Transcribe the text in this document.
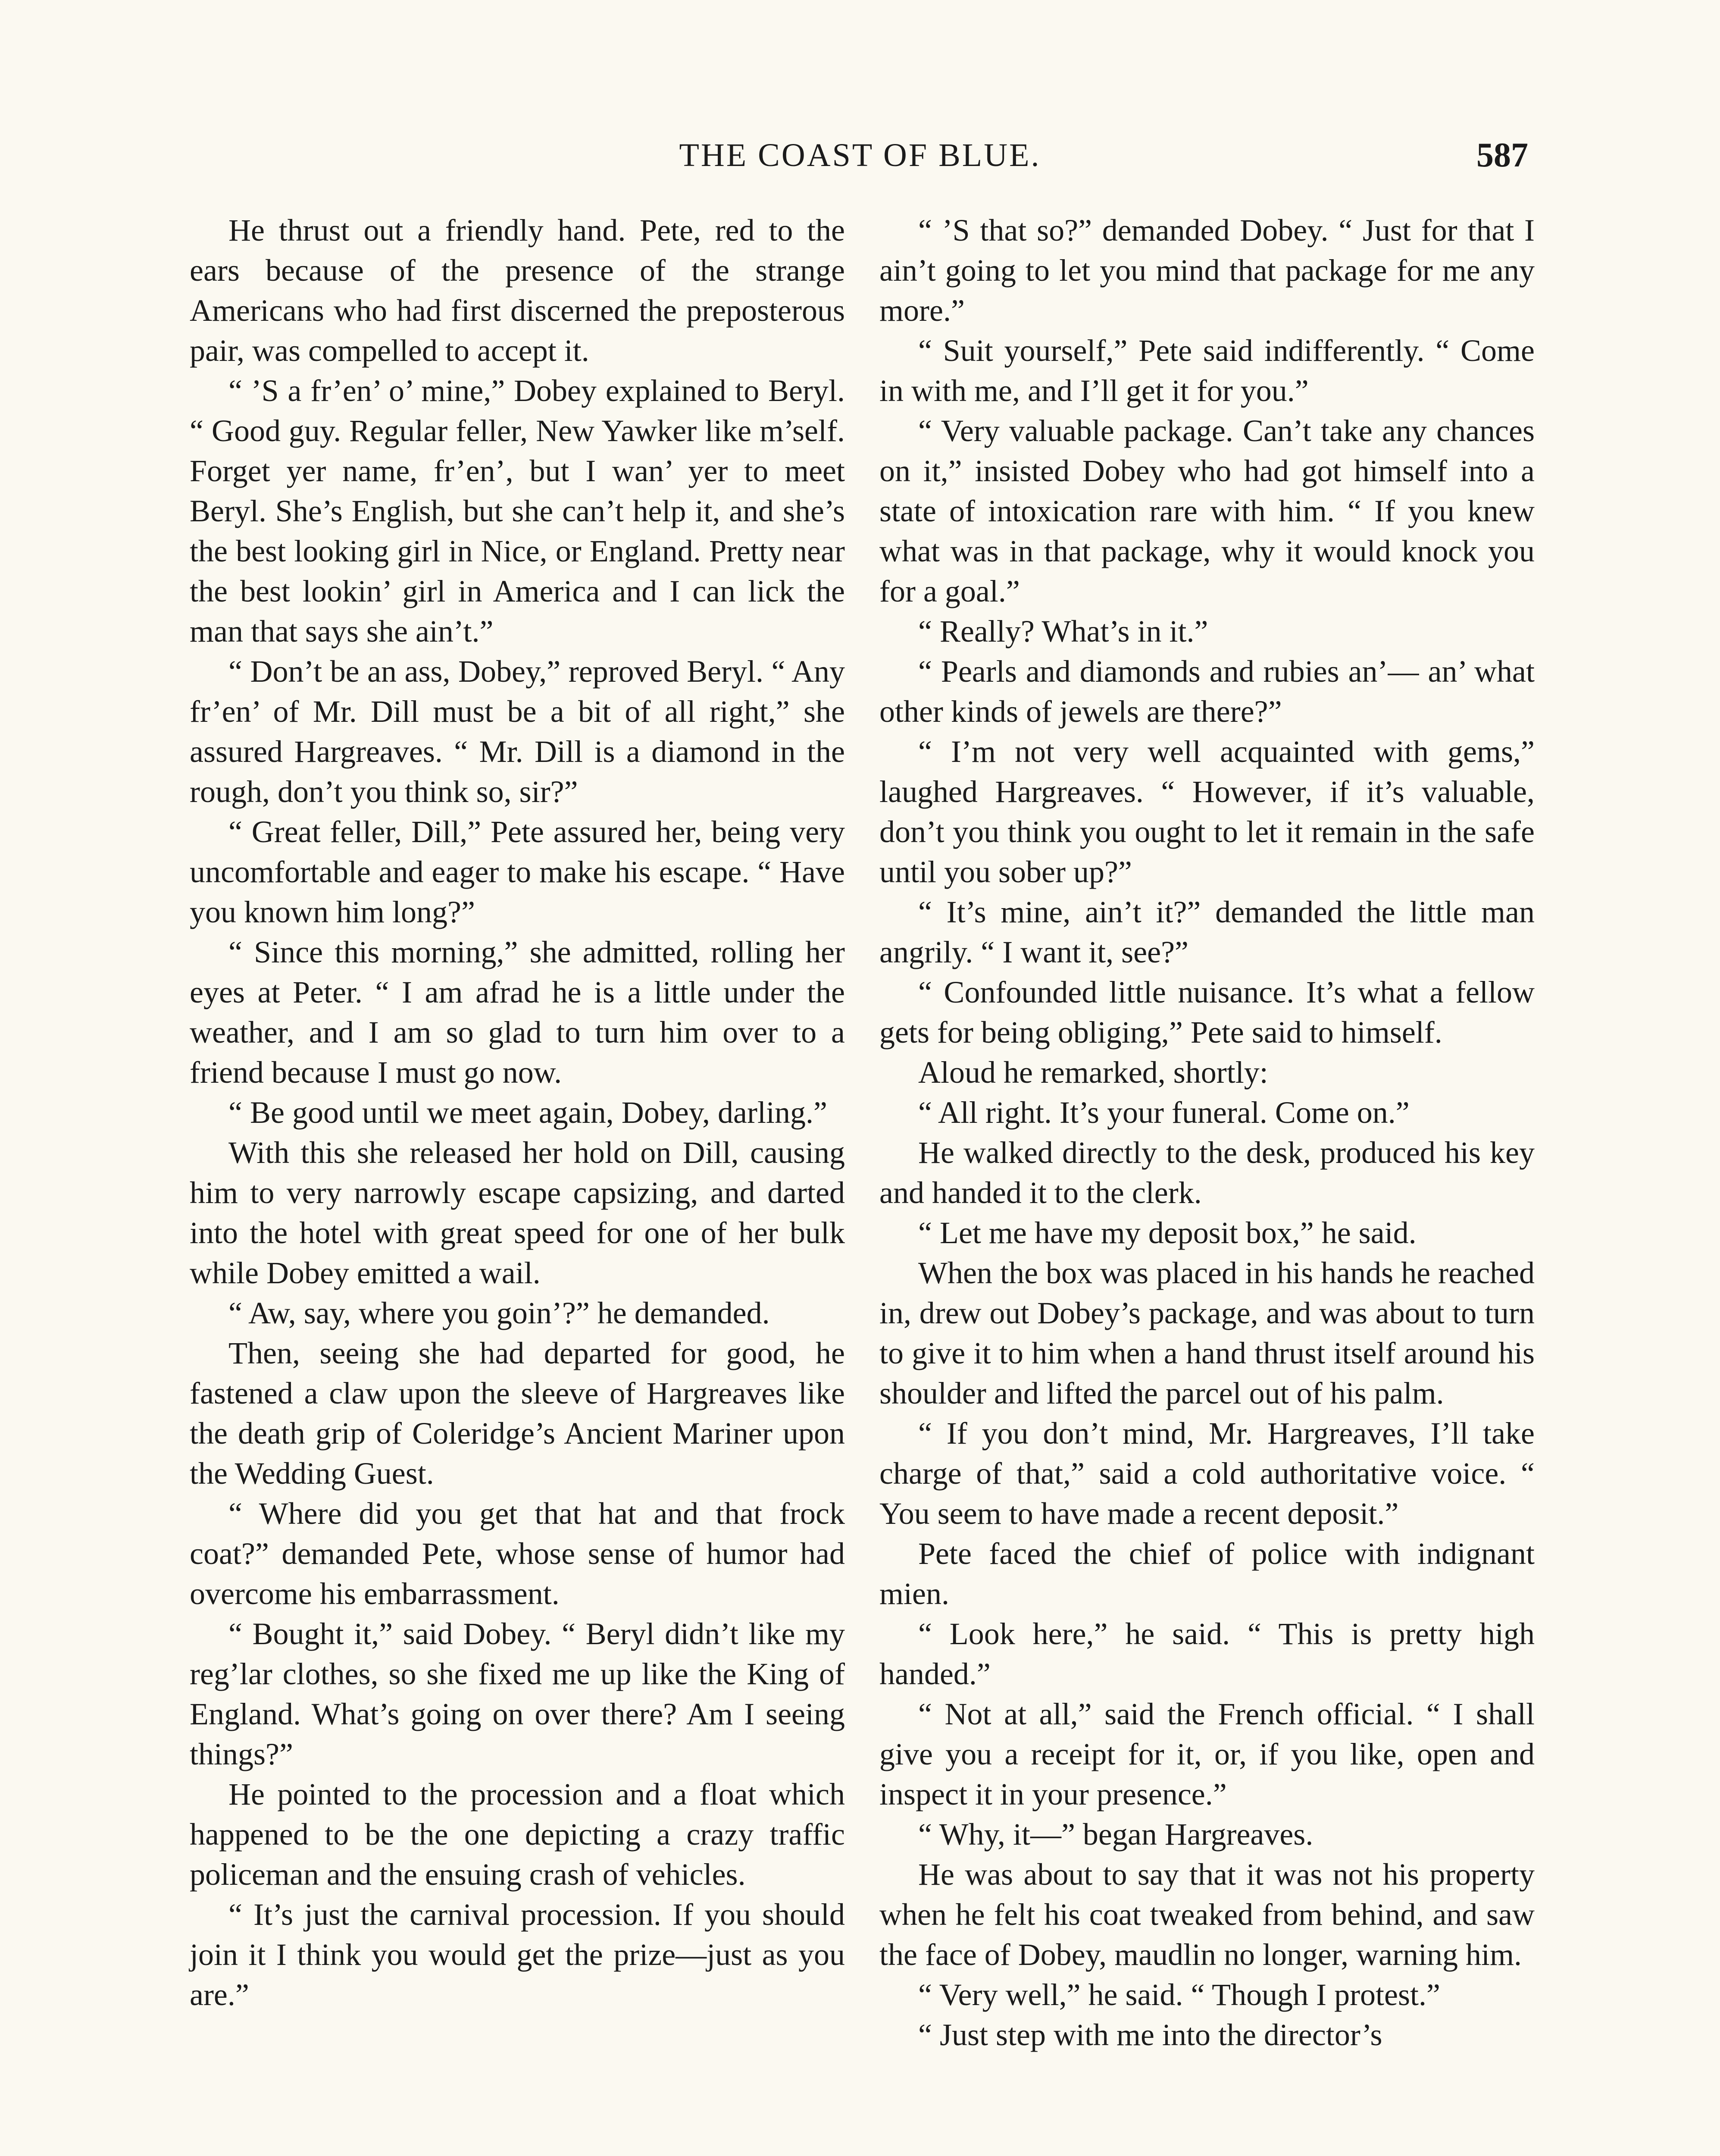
THE COAST OF BLUE.	587

He thrust out a friendly hand. Pete, red to the ears because of the presence of the strange Americans who had first discerned the preposterous pair, was compelled to accept it.

“ ’S a fr’en’ o’ mine,” Dobey explained to Beryl. “ Good guy. Regular feller, New Yawker like m’self. Forget yer name, fr’en’, but I wan’ yer to meet Beryl. She’s English, but she can’t help it, and she’s the best looking girl in Nice, or England. Pretty near the best lookin’ girl in America and I can lick the man that says she ain’t.”

“ Don’t be an ass, Dobey,” reproved Beryl. “ Any fr’en’ of Mr. Dill must be a bit of all right,” she assured Hargreaves. “ Mr. Dill is a diamond in the rough, don’t you think so, sir?”

“ Great feller, Dill,” Pete assured her, being very uncomfortable and eager to make his escape. “ Have you known him long?”

“ Since this morning,” she admitted, rolling her eyes at Peter. “ I am afrad he is a little under the weather, and I am so glad to turn him over to a friend because I must go now.

“ Be good until we meet again, Dobey, darling.”

With this she released her hold on Dill, causing him to very narrowly escape capsizing, and darted into the hotel with great speed for one of her bulk while Dobey emitted a wail.

“ Aw, say, where you goin’?” he demanded.

Then, seeing she had departed for good, he fastened a claw upon the sleeve of Hargreaves like the death grip of Coleridge’s Ancient Mariner upon the Wedding Guest.

“ Where did you get that hat and that frock coat?” demanded Pete, whose sense of humor had overcome his embarrassment.

“ Bought it,” said Dobey. “ Beryl didn’t like my reg’lar clothes, so she fixed me up like the King of England. What’s going on over there? Am I seeing things?”

He pointed to the procession and a float which happened to be the one depicting a crazy traffic policeman and the ensuing crash of vehicles.

“ It’s just the carnival procession. If you should join it I think you would get the prize—just as you are.”

“ ’S that so?” demanded Dobey. “ Just for that I ain’t going to let you mind that package for me any more.”

“ Suit yourself,” Pete said indifferently. “ Come in with me, and I’ll get it for you.”

“ Very valuable package. Can’t take any chances on it,” insisted Dobey who had got himself into a state of intoxication rare with him. “ If you knew what was in that package, why it would knock you for a goal.”

“ Really? What’s in it.”

“ Pearls and diamonds and rubies an’— an’ what other kinds of jewels are there?”

“ I’m not very well acquainted with gems,” laughed Hargreaves. “ However, if it’s valuable, don’t you think you ought to let it remain in the safe until you sober up?”

“ It’s mine, ain’t it?” demanded the little man angrily. “ I want it, see?”

“ Confounded little nuisance. It’s what a fellow gets for being obliging,” Pete said to himself.

Aloud he remarked, shortly:

“ All right. It’s your funeral. Come on.”

He walked directly to the desk, produced his key and handed it to the clerk.

“ Let me have my deposit box,” he said.

When the box was placed in his hands he reached in, drew out Dobey’s package, and was about to turn to give it to him when a hand thrust itself around his shoulder and lifted the parcel out of his palm.

“ If you don’t mind, Mr. Hargreaves, I’ll take charge of that,” said a cold authoritative voice. “ You seem to have made a recent deposit.”

Pete faced the chief of police with indignant mien.

“ Look here,” he said. “ This is pretty high handed.”

“ Not at all,” said the French official. “ I shall give you a receipt for it, or, if you like, open and inspect it in your presence.”

“ Why, it—” began Hargreaves.

He was about to say that it was not his property when he felt his coat tweaked from behind, and saw the face of Dobey, maudlin no longer, warning him.

“ Very well,” he said. “ Though I protest.”

“ Just step with me into the director’s
